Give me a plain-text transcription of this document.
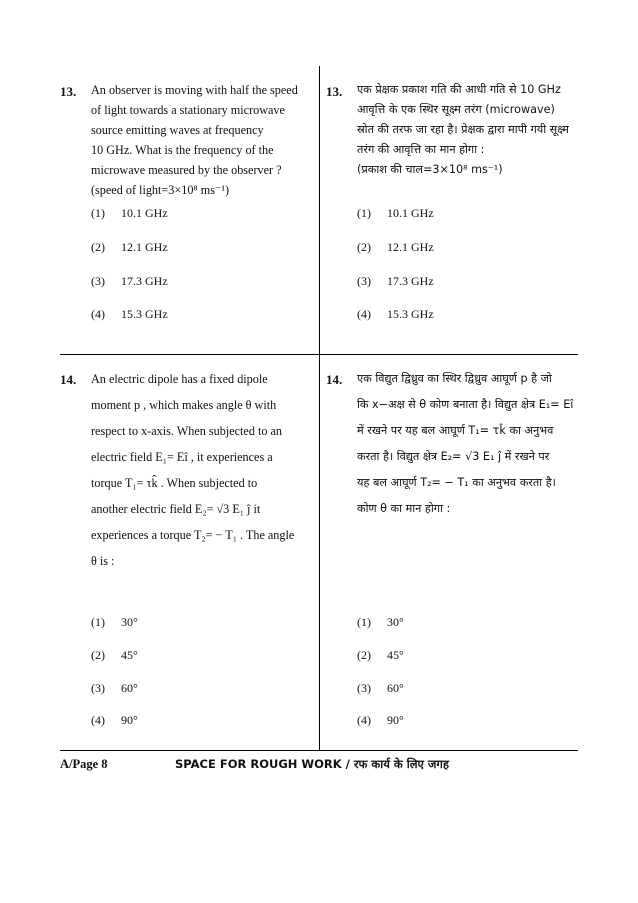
13. An observer is moving with half the speed
of light towards a stationary microwave
source emitting waves at frequency
10 GHz. What is the frequency of the
microwave measured by the observer ?
(speed of light=3×10⁸ ms⁻¹)
(1) 10.1 GHz
(2) 12.1 GHz
(3) 17.3 GHz
(4) 15.3 GHz
13. एक प्रेक्षक प्रकाश गति की आधी गति से 10 GHz
आवृत्ति के एक स्थिर सूक्ष्म तरंग (microwave)
स्रोत की तरफ जा रहा है। प्रेक्षक द्वारा मापी गयी सूक्ष्म
तरंग की आवृत्ति का मान होगा :
(प्रकाश की चाल=3×10⁸ ms⁻¹)
(1) 10.1 GHz
(2) 12.1 GHz
(3) 17.3 GHz
(4) 15.3 GHz
14. An electric dipole has a fixed dipole
moment p , which makes angle θ with
respect to x-axis. When subjected to an
electric field E₁= Eî , it experiences a
torque T₁= τk̂ . When subjected to
another electric field E₂= √3 E₁ ĵ it
experiences a torque T₂= − T₁ . The angle
θ is :
(1) 30°
(2) 45°
(3) 60°
(4) 90°
14. एक विद्युत द्विध्रुव का स्थिर द्विध्रुव आघूर्ण p है जो
कि x−अक्ष से θ कोण बनाता है। विद्युत क्षेत्र E₁= Eî
में रखने पर यह बल आघूर्ण T₁= τk̂ का अनुभव
करता है। विद्युत क्षेत्र E₂= √3 E₁ ĵ में रखने पर
यह बल आघूर्ण T₂= − T₁ का अनुभव करता है।
कोण θ का मान होगा :
(1) 30°
(2) 45°
(3) 60°
(4) 90°
A/Page 8	SPACE FOR ROUGH WORK / रफ कार्य के लिए जगह
